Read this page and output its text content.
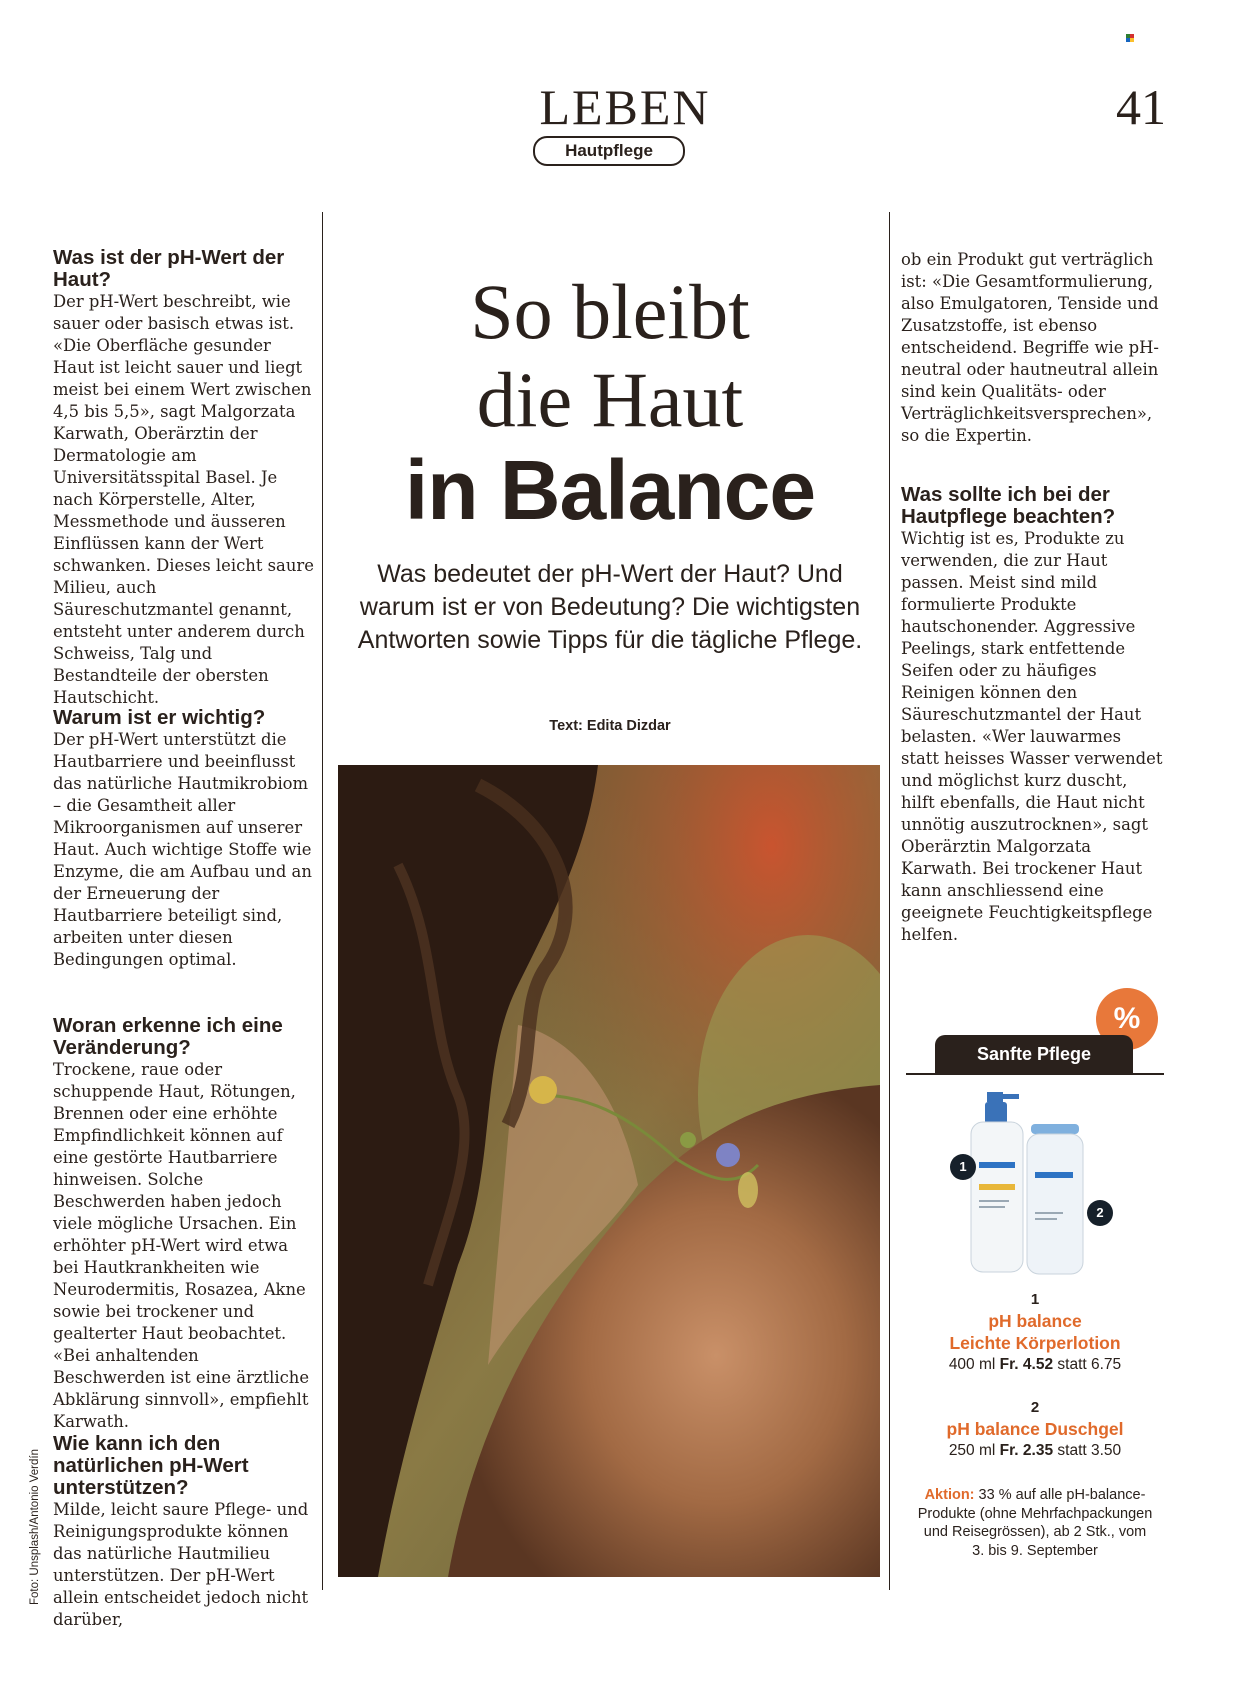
LEBEN
Hautpflege
41
Was ist der pH-Wert der Haut?

Der pH-Wert beschreibt, wie sauer oder basisch etwas ist. «Die Oberfläche gesunder Haut ist leicht sauer und liegt meist bei einem Wert zwischen 4,5 bis 5,5», sagt Malgorzata Karwath, Oberärztin der Dermatologie am Universitätsspital Basel. Je nach Körperstelle, Alter, Messmethode und äusseren Einflüssen kann der Wert schwanken. Dieses leicht saure Milieu, auch Säureschutzmantel genannt, entsteht unter anderem durch Schweiss, Talg und Bestandteile der obersten Hautschicht.

Warum ist er wichtig?

Der pH-Wert unterstützt die Hautbarriere und beeinflusst das natürliche Hautmikrobiom – die Gesamtheit aller Mikroorganismen auf unserer Haut. Auch wichtige Stoffe wie Enzyme, die am Aufbau und an der Erneuerung der Hautbarriere beteiligt sind, arbeiten unter diesen Bedingungen optimal.

Woran erkenne ich eine Veränderung?

Trockene, raue oder schuppende Haut, Rötungen, Brennen oder eine erhöhte Empfindlichkeit können auf eine gestörte Hautbarriere hinweisen. Solche Beschwerden haben jedoch viele mögliche Ursachen. Ein erhöhter pH-Wert wird etwa bei Hautkrankheiten wie Neurodermitis, Rosazea, Akne sowie bei trockener und gealterter Haut beobachtet. «Bei anhaltenden Beschwerden ist eine ärztliche Abklärung sinnvoll», empfiehlt Karwath.

Wie kann ich den natürlichen pH-Wert unterstützen?

Milde, leicht saure Pflege- und Reinigungsprodukte können das natürliche Hautmilieu unterstützen. Der pH-Wert allein entscheidet jedoch nicht darüber,

Foto: Unsplash/Antonio Verdín
So bleibt
die Haut
in Balance
Was bedeutet der pH-Wert der Haut? Und warum ist er von Bedeutung? Die wichtigsten Antworten sowie Tipps für die tägliche Pflege.
Text: Edita Dizdar

ob ein Produkt gut verträglich ist: «Die Gesamtformulierung, also Emulgatoren, Tenside und Zusatzstoffe, ist ebenso entscheidend. Begriffe wie pH-neutral oder hautneutral allein sind kein Qualitäts- oder Verträglichkeitsversprechen», so die Expertin.

Was sollte ich bei der Hautpflege beachten?

Wichtig ist es, Produkte zu verwenden, die zur Haut passen. Meist sind mild formulierte Produkte hautschonender. Aggressive Peelings, stark entfettende Seifen oder zu häufiges Reinigen können den Säureschutzmantel der Haut belasten. «Wer lauwarmes statt heisses Wasser verwendet und möglichst kurz duscht, hilft ebenfalls, die Haut nicht unnötig auszutrocknen», sagt Oberärztin Malgorzata Karwath. Bei trockener Haut kann anschliessend eine geeignete Feuchtigkeitspflege helfen.

%
Sanfte Pflege
1
2
1
pH balance
Leichte Körperlotion
400 ml Fr. 4.52 statt 6.75
2
pH balance Duschgel
250 ml Fr. 2.35 statt 3.50
Aktion: 33 % auf alle pH-balance-Produkte (ohne Mehrfachpackungen und Reisegrössen), ab 2 Stk., vom 3. bis 9. September
